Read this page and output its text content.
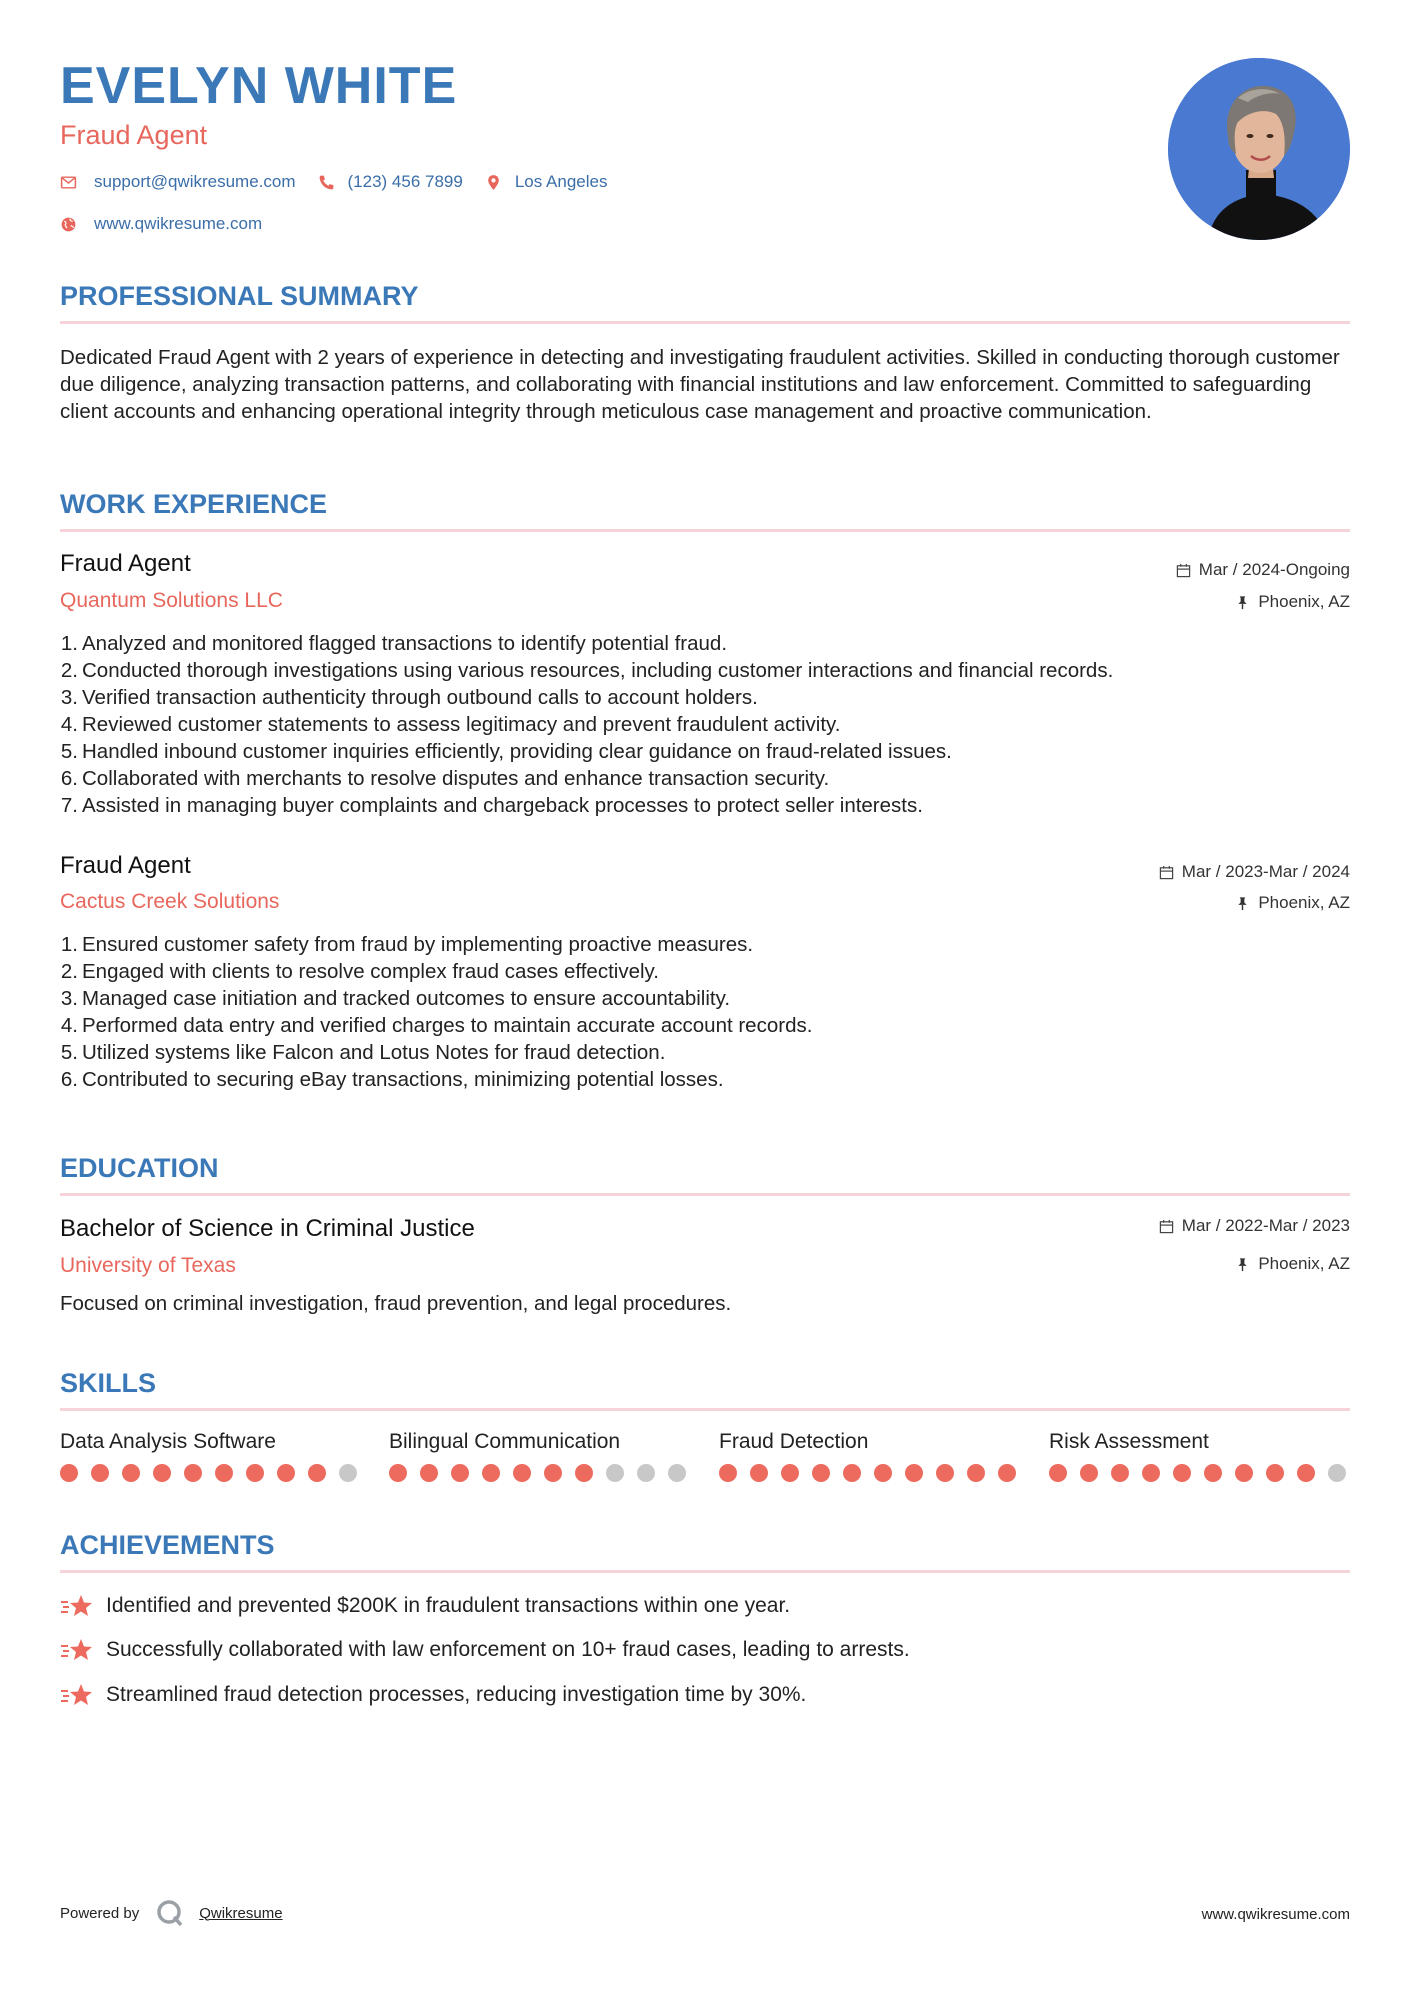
EVELYN WHITE
Fraud Agent
support@qwikresume.com	(123) 456 7899	Los Angeles
www.qwikresume.com
PROFESSIONAL SUMMARY
Dedicated Fraud Agent with 2 years of experience in detecting and investigating fraudulent activities. Skilled in conducting thorough customer due diligence, analyzing transaction patterns, and collaborating with financial institutions and law enforcement. Committed to safeguarding client accounts and enhancing operational integrity through meticulous case management and proactive communication.
WORK EXPERIENCE
Fraud Agent
Quantum Solutions LLC
Mar / 2024-Ongoing
Phoenix, AZ
1. Analyzed and monitored flagged transactions to identify potential fraud.
2. Conducted thorough investigations using various resources, including customer interactions and financial records.
3. Verified transaction authenticity through outbound calls to account holders.
4. Reviewed customer statements to assess legitimacy and prevent fraudulent activity.
5. Handled inbound customer inquiries efficiently, providing clear guidance on fraud-related issues.
6. Collaborated with merchants to resolve disputes and enhance transaction security.
7. Assisted in managing buyer complaints and chargeback processes to protect seller interests.
Fraud Agent
Cactus Creek Solutions
Mar / 2023-Mar / 2024
Phoenix, AZ
1. Ensured customer safety from fraud by implementing proactive measures.
2. Engaged with clients to resolve complex fraud cases effectively.
3. Managed case initiation and tracked outcomes to ensure accountability.
4. Performed data entry and verified charges to maintain accurate account records.
5. Utilized systems like Falcon and Lotus Notes for fraud detection.
6. Contributed to securing eBay transactions, minimizing potential losses.
EDUCATION
Bachelor of Science in Criminal Justice
University of Texas
Mar / 2022-Mar / 2023
Phoenix, AZ
Focused on criminal investigation, fraud prevention, and legal procedures.
SKILLS
Data Analysis Software	Bilingual Communication	Fraud Detection	Risk Assessment
ACHIEVEMENTS
Identified and prevented $200K in fraudulent transactions within one year.
Successfully collaborated with law enforcement on 10+ fraud cases, leading to arrests.
Streamlined fraud detection processes, reducing investigation time by 30%.
Powered by	Qwikresume	www.qwikresume.com
